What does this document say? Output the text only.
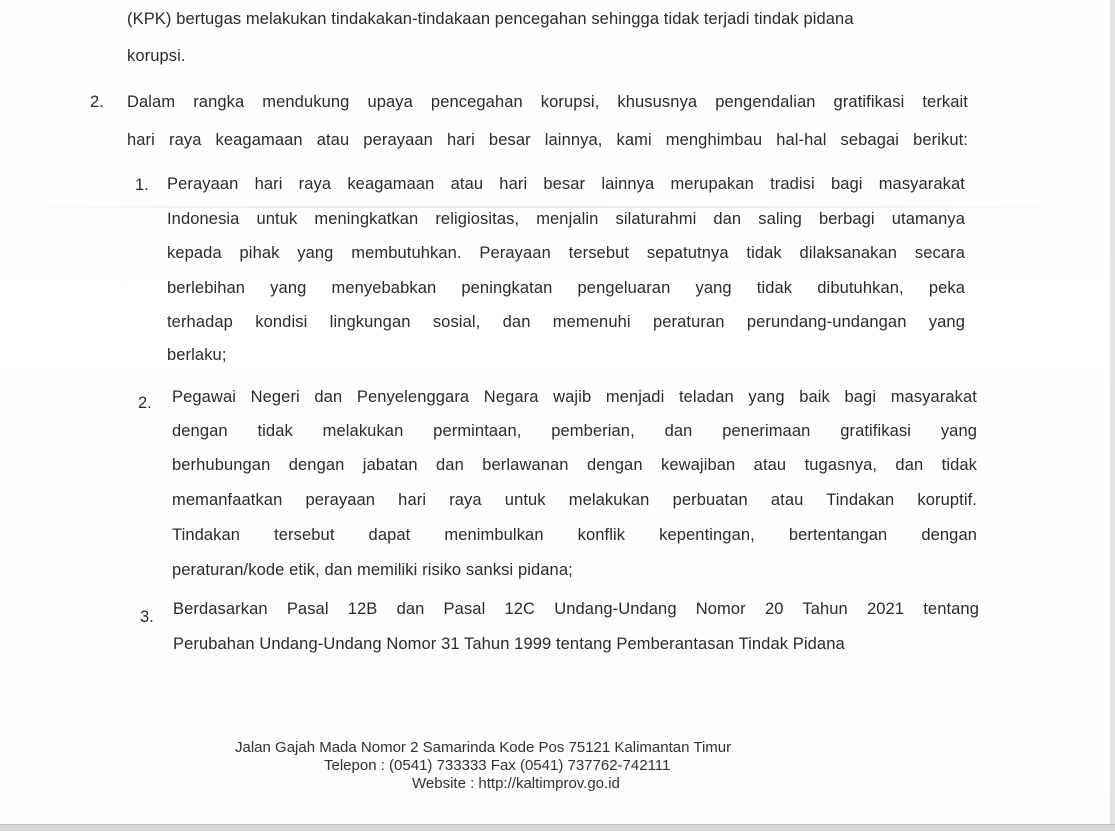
(KPK) bertugas melakukan tindakakan-tindakaan pencegahan sehingga tidak terjadi tindak pidana
korupsi.
2. Dalam rangka mendukung upaya pencegahan korupsi, khususnya pengendalian gratifikasi terkait
hari raya keagamaan atau perayaan hari besar lainnya, kami menghimbau hal-hal sebagai berikut:
1. Perayaan hari raya keagamaan atau hari besar lainnya merupakan tradisi bagi masyarakat
Indonesia untuk meningkatkan religiositas, menjalin silaturahmi dan saling berbagi utamanya
kepada pihak yang membutuhkan. Perayaan tersebut sepatutnya tidak dilaksanakan secara
berlebihan yang menyebabkan peningkatan pengeluaran yang tidak dibutuhkan, peka
terhadap kondisi lingkungan sosial, dan memenuhi peraturan perundang-undangan yang
berlaku;
2. Pegawai Negeri dan Penyelenggara Negara wajib menjadi teladan yang baik bagi masyarakat
dengan tidak melakukan permintaan, pemberian, dan penerimaan gratifikasi yang
berhubungan dengan jabatan dan berlawanan dengan kewajiban atau tugasnya, dan tidak
memanfaatkan perayaan hari raya untuk melakukan perbuatan atau Tindakan koruptif.
Tindakan tersebut dapat menimbulkan konflik kepentingan, bertentangan dengan
peraturan/kode etik, dan memiliki risiko sanksi pidana;
3. Berdasarkan Pasal 12B dan Pasal 12C Undang-Undang Nomor 20 Tahun 2021 tentang
Perubahan Undang-Undang Nomor 31 Tahun 1999 tentang Pemberantasan Tindak Pidana
Jalan Gajah Mada Nomor 2 Samarinda Kode Pos 75121 Kalimantan Timur
Telepon : (0541) 733333 Fax (0541) 737762-742111
Website : http://kaltimprov.go.id
